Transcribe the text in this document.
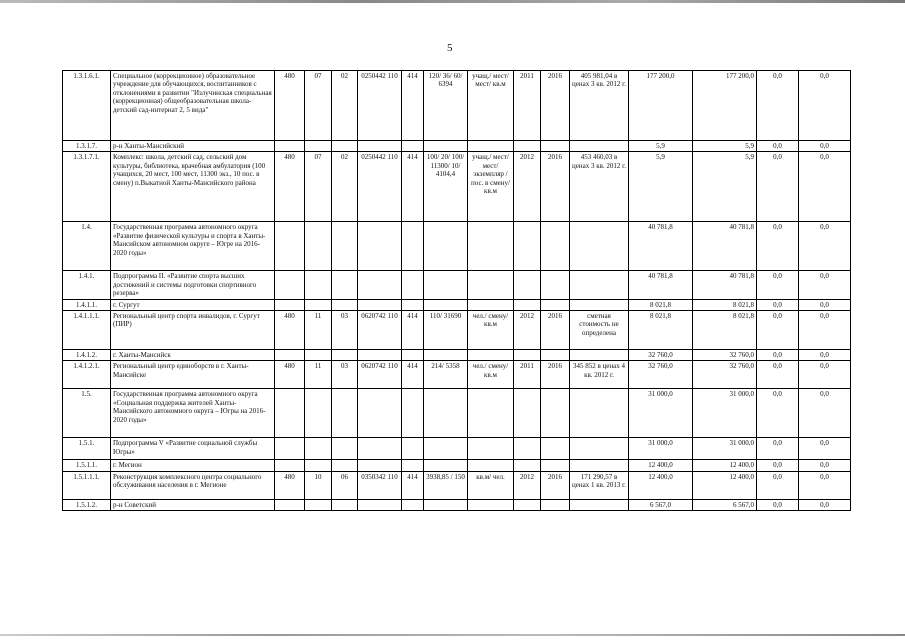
5
1.3.1.6.1.	Специальное (коррекционное) образовательное учреждение для обучающихся, воспитанников с отклонениями в развитии "Излучинская специальная (коррекционная) общеобразовательная школа-детский сад-интернат 2, 5 вида"	480	07	02	0250442 110	414	120/ 36/ 60/ 6394	учащ./ мест/ мест/ кв.м	2011	2016	405 981,04 в ценах 3 кв. 2012 г.	177 200,0	177 200,0	0,0	0,0
1.3.1.7.	р-н Ханты-Мансийский											5,9	5,9	0,0	0,0
1.3.1.7.1.	Комплекс: школа, детский сад, сельский дом культуры, библиотека, врачебная амбулатория (100 учащихся, 20 мест, 100 мест, 11300 экз., 10 пос. в смену) п.Выкатной Ханты-Мансийского района	480	07	02	0250442 110	414	100/ 20/ 100/ 11300/ 10/ 4104,4	учащ./ мест/ мест/ экземпляр / пос. в смену/ кв.м	2012	2016	453 460,03 в ценах 3 кв. 2012 г.	5,9	5,9	0,0	0,0
1.4.	Государственная программа автономного округа «Развитие физической культуры и спорта в Ханты-Мансийском автономном округе – Югре на 2016-2020 годы»											40 781,8	40 781,8	0,0	0,0
1.4.1.	Подпрограмма II. «Развитие спорта высших достижений и системы подготовки спортивного резерва»											40 781,8	40 781,8	0,0	0,0
1.4.1.1.	г. Сургут											8 021,8	8 021,8	0,0	0,0
1.4.1.1.1.	Региональный центр спорта инвалидов, г. Сургут (ПИР)	480	11	03	0620742 110	414	110/ 31690	чел./ смену/ кв.м	2012	2016	сметная стоимость не определена	8 021,8	8 021,8	0,0	0,0
1.4.1.2.	г. Ханты-Мансийск											32 760,0	32 760,0	0,0	0,0
1.4.1.2.1.	Региональный центр единоборств в г. Ханты-Мансийске	480	11	03	0620742 110	414	214/ 5358	чел./ смену/ кв.м	2011	2016	345 852 в ценах 4 кв. 2012 г.	32 760,0	32 760,0	0,0	0,0
1.5.	Государственная программа автономного округа «Социальная поддержка жителей Ханты-Мансийского автономного округа – Югры на 2016-2020 годы»											31 000,0	31 000,0	0,0	0,0
1.5.1.	Подпрограмма V «Развитие социальной службы Югры»											31 000,0	31 000,0	0,0	0,0
1.5.1.1.	г. Мегион											12 400,0	12 400,0	0,0	0,0
1.5.1.1.1.	Реконструкция комплексного центра социального обслуживания населения в г. Мегионе	480	10	06	0350342 110	414	3938,85 / 150	кв.м/ чел.	2012	2016	171 290,57 в ценах 1 кв. 2013 г.	12 400,0	12 400,0	0,0	0,0
1.5.1.2.	р-н Советский											6 567,0	6 567,0	0,0	0,0
